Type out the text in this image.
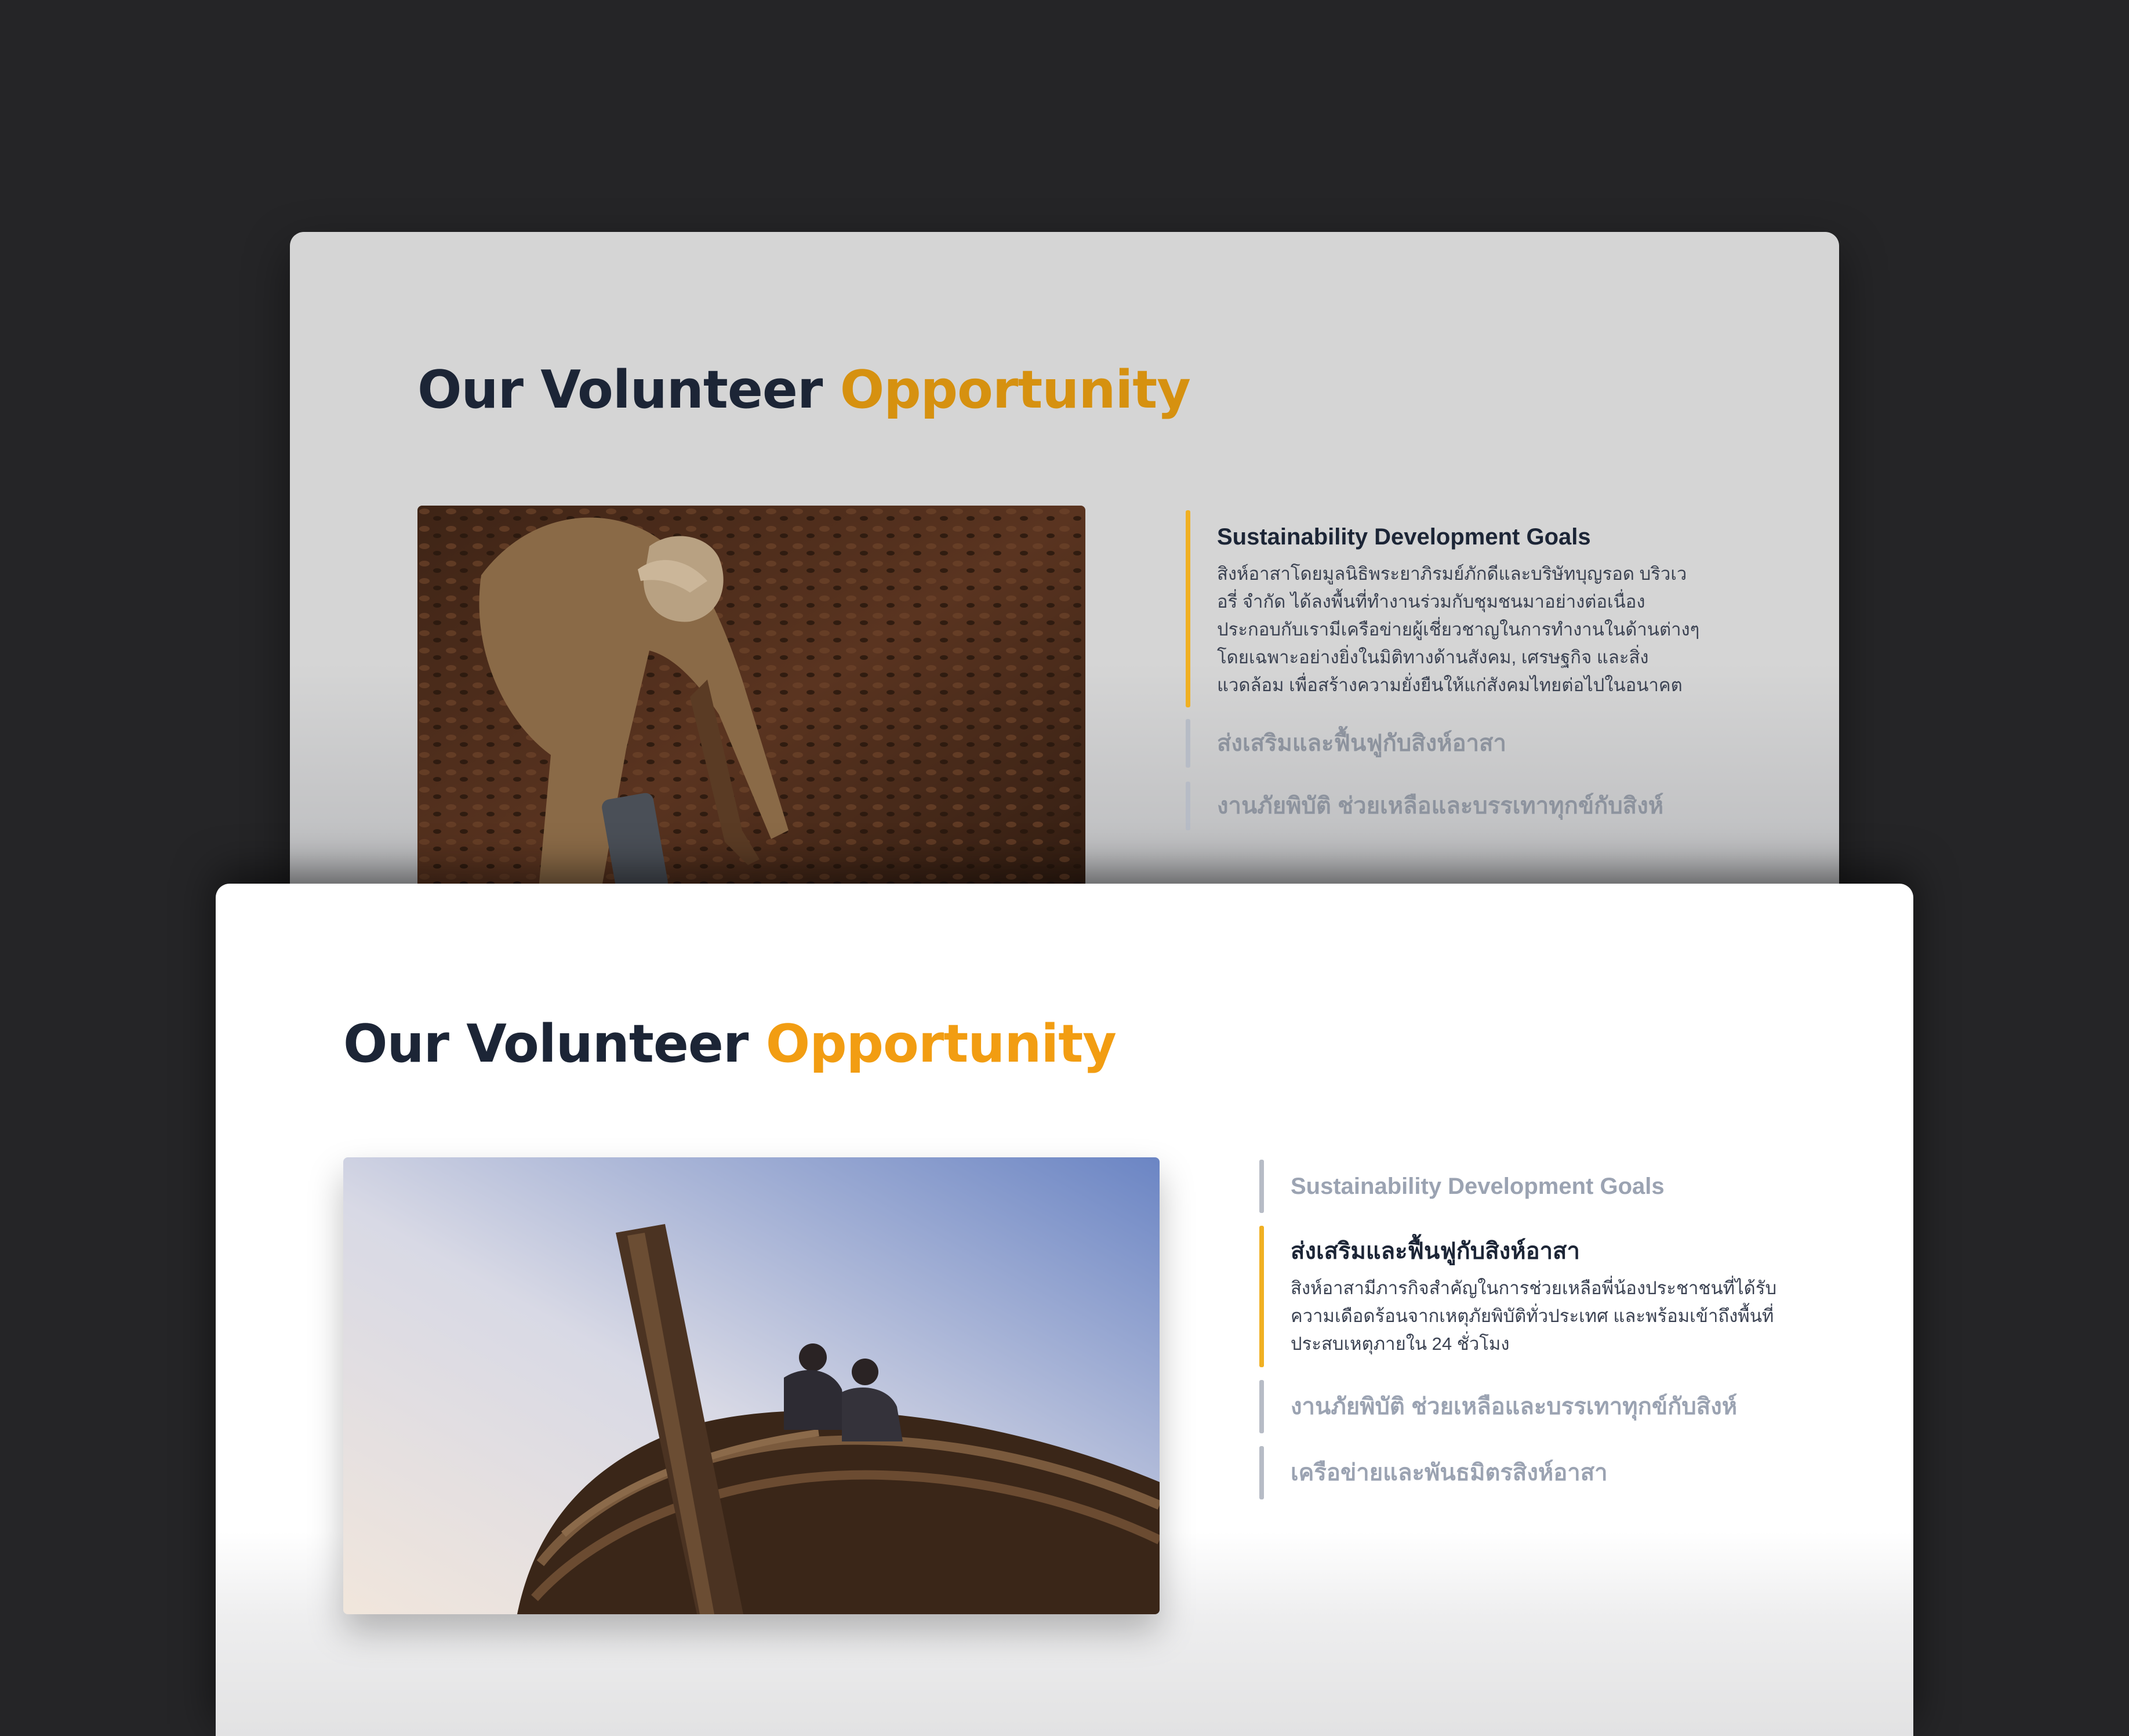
Our Volunteer Opportunity
Sustainability Development Goals
สิงห์อาสาโดยมูลนิธิพระยาภิรมย์ภักดีและบริษัทบุญรอด บริวเวอรี่ จำกัด ได้ลงพื้นที่ทำงานร่วมกับชุมชนมาอย่างต่อเนื่อง ประกอบกับเรามีเครือข่ายผู้เชี่ยวชาญในการทำงานในด้านต่างๆ โดยเฉพาะอย่างยิ่งในมิติทางด้านสังคม, เศรษฐกิจ และสิ่งแวดล้อม เพื่อสร้างความยั่งยืนให้แก่สังคมไทยต่อไปในอนาคต
ส่งเสริมและฟื้นฟูกับสิงห์อาสา
งานภัยพิบัติ ช่วยเหลือและบรรเทาทุกข์กับสิงห์
Our Volunteer Opportunity
Sustainability Development Goals
ส่งเสริมและฟื้นฟูกับสิงห์อาสา
สิงห์อาสามีภารกิจสำคัญในการช่วยเหลือพี่น้องประชาชนที่ได้รับความเดือดร้อนจากเหตุภัยพิบัติทั่วประเทศ และพร้อมเข้าถึงพื้นที่ประสบเหตุภายใน 24 ชั่วโมง
งานภัยพิบัติ ช่วยเหลือและบรรเทาทุกข์กับสิงห์
เครือข่ายและพันธมิตรสิงห์อาสา
